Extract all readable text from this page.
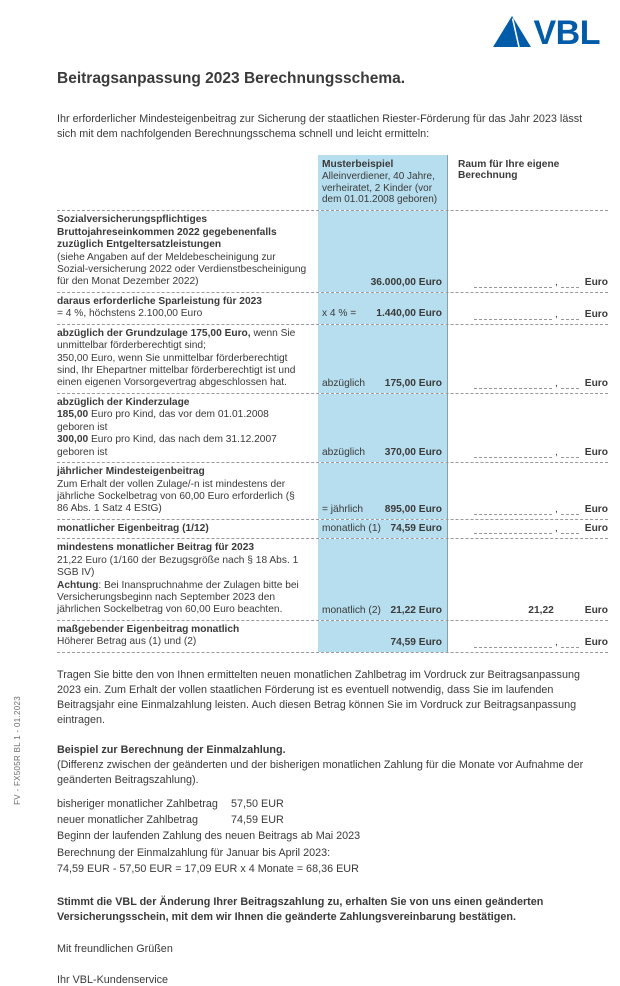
VBL
Beitragsanpassung 2023 Berechnungsschema.
Ihr erforderlicher Mindesteigenbeitrag zur Sicherung der staatlichen Riester-Förderung für das Jahr 2023 lässt sich mit dem nachfolgenden Berechnungsschema schnell und leicht ermitteln:
Musterbeispiel
Alleinverdiener, 40 Jahre, verheiratet, 2 Kinder (vor dem 01.01.2008 geboren)
Raum für Ihre eigene Berechnung
Sozialversicherungspflichtiges Bruttojahreseinkommen 2022 gegebenenfalls zuzüglich Entgeltersatzleistungen
(siehe Angaben auf der Meldebescheinigung zur Sozial-versicherung 2022 oder Verdienstbescheinigung für den Monat Dezember 2022)	36.000,00 Euro	,	Euro
daraus erforderliche Sparleistung für 2023
= 4 %, höchstens 2.100,00 Euro	x 4 % = 1.440,00 Euro	,	Euro
abzüglich der Grundzulage 175,00 Euro, wenn Sie unmittelbar förderberechtigt sind;
350,00 Euro, wenn Sie unmittelbar förderberechtigt sind, Ihr Ehepartner mittelbar förderberechtigt ist und einen eigenen Vorsorgevertrag abgeschlossen hat.	abzüglich 175,00 Euro	,	Euro
abzüglich der Kinderzulage
185,00 Euro pro Kind, das vor dem 01.01.2008 geboren ist
300,00 Euro pro Kind, das nach dem 31.12.2007 geboren ist	abzüglich 370,00 Euro	,	Euro
jährlicher Mindesteigenbeitrag
Zum Erhalt der vollen Zulage/-n ist mindestens der jährliche Sockelbetrag von 60,00 Euro erforderlich (§ 86 Abs. 1 Satz 4 EStG)	= jährlich 895,00 Euro	,	Euro
monatlicher Eigenbeitrag (1/12)	monatlich (1) 74,59 Euro	,	Euro
mindestens monatlicher Beitrag für 2023
21,22 Euro (1/160 der Bezugsgröße nach § 18 Abs. 1 SGB IV)
Achtung: Bei Inanspruchnahme der Zulagen bitte bei Versicherungsbeginn nach September 2023 den jährlichen Sockelbetrag von 60,00 Euro beachten.	monatlich (2) 21,22 Euro	21,22	Euro
maßgebender Eigenbeitrag monatlich
Höherer Betrag aus (1) und (2)	74,59 Euro	,	Euro
Tragen Sie bitte den von Ihnen ermittelten neuen monatlichen Zahlbetrag im Vordruck zur Beitragsanpassung 2023 ein. Zum Erhalt der vollen staatlichen Förderung ist es eventuell notwendig, dass Sie im laufenden Beitragsjahr eine Einmalzahlung leisten. Auch diesen Betrag können Sie im Vordruck zur Beitragsanpassung eintragen.
Beispiel zur Berechnung der Einmalzahlung.
(Differenz zwischen der geänderten und der bisherigen monatlichen Zahlung für die Monate vor Aufnahme der geänderten Beitragszahlung).
bisheriger monatlicher Zahlbetrag 57,50 EUR
neuer monatlicher Zahlbetrag	74,59 EUR
Beginn der laufenden Zahlung des neuen Beitrags ab Mai 2023
Berechnung der Einmalzahlung für Januar bis April 2023:
74,59 EUR - 57,50 EUR = 17,09 EUR x 4 Monate = 68,36 EUR
Stimmt die VBL der Änderung Ihrer Beitragszahlung zu, erhalten Sie von uns einen geänderten Versicherungsschein, mit dem wir Ihnen die geänderte Zahlungsvereinbarung bestätigen.
Mit freundlichen Grüßen
Ihr VBL-Kundenservice
FV - FX505R BL 1 - 01.2023
